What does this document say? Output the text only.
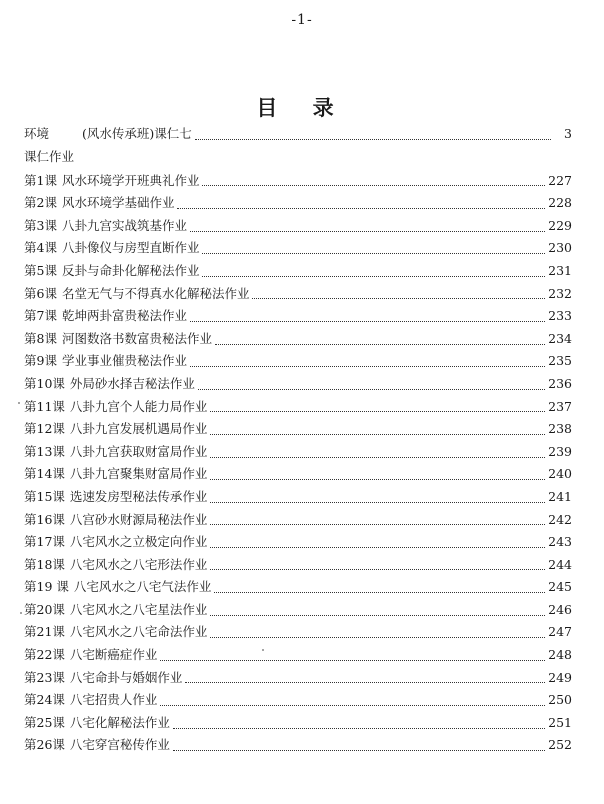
-1-
目 录
环境	(风水传承班)课仁七	3
课仁作业
第1课 风水环境学开班典礼作业	227
第2课 风水环境学基础作业	228
第3课 八卦九宫实战筑基作业	229
第4课 八卦像仪与房型直断作业	230
第5课 反卦与命卦化解秘法作业	231
第6课 名堂无气与不得真水化解秘法作业	232
第7课 乾坤两卦富贵秘法作业	233
第8课 河图数洛书数富贵秘法作业	234
第9课 学业事业催贵秘法作业	235
第10课 外局砂水择吉秘法作业	236
第11课 八卦九宫个人能力局作业	237
第12课 八卦九宫发展机遇局作业	238
第13课 八卦九宫获取财富局作业	239
第14课 八卦九宫聚集财富局作业	240
第15课 选速发房型秘法传承作业	241
第16课 八宫砂水财源局秘法作业	242
第17课 八宅风水之立极定向作业	243
第18课 八宅风水之八宅形法作业	244
第19 课 八宅风水之八宅气法作业	245
第20课 八宅风水之八宅星法作业	246
第21课 八宅风水之八宅命法作业	247
第22课 八宅断癌症作业	248
第23课 八宅命卦与婚姻作业	249
第24课 八宅招贵人作业	250
第25课 八宅化解秘法作业	251
第26课 八宅穿宫秘传作业	252
